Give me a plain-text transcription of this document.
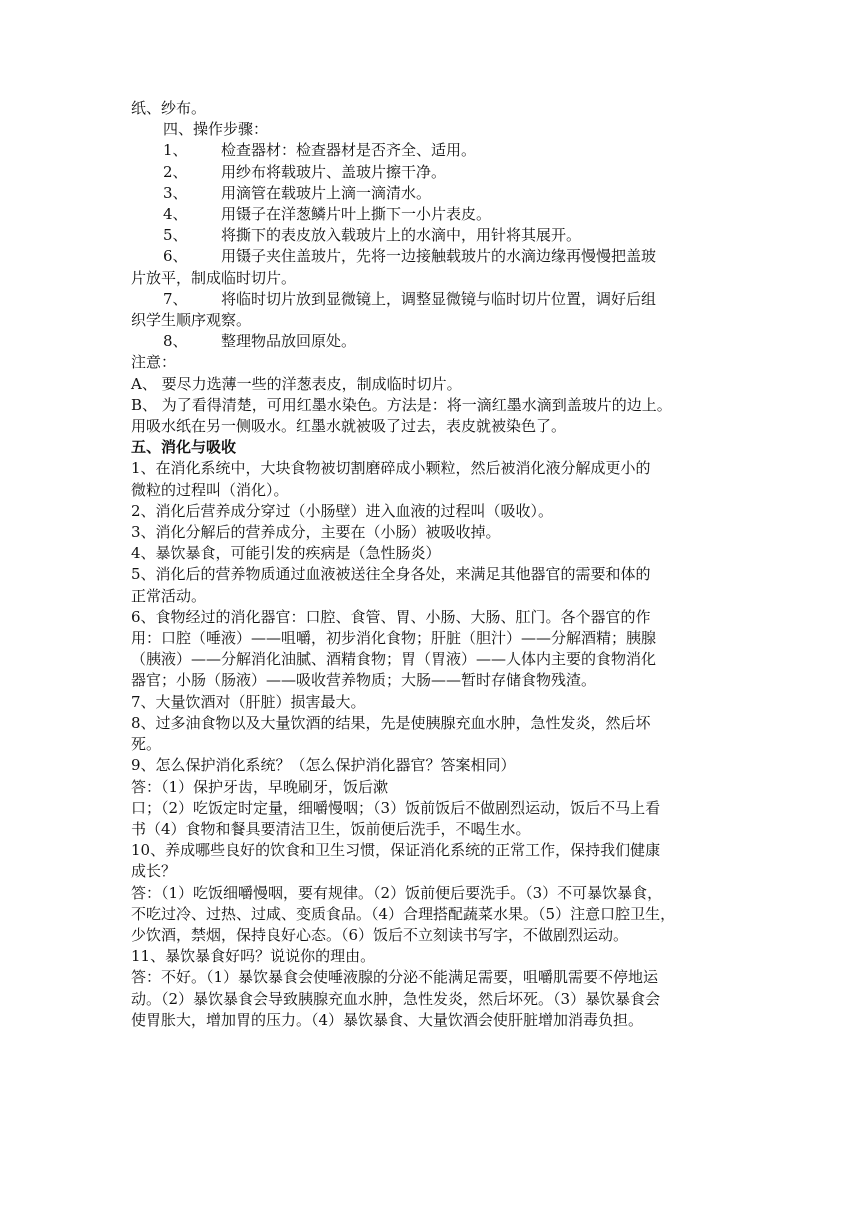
纸、纱布。
四、操作步骤：
1、 检查器材：检查器材是否齐全、适用。
2、 用纱布将载玻片、盖玻片擦干净。
3、 用滴管在载玻片上滴一滴清水。
4、 用镊子在洋葱鳞片叶上撕下一小片表皮。
5、 将撕下的表皮放入载玻片上的水滴中，用针将其展开。
6、 用镊子夹住盖玻片，先将一边接触载玻片的水滴边缘再慢慢把盖玻
片放平，制成临时切片。
7、 将临时切片放到显微镜上，调整显微镜与临时切片位置，调好后组
织学生顺序观察。
8、 整理物品放回原处。
注意：
A、 要尽力选薄一些的洋葱表皮，制成临时切片。
B、 为了看得清楚，可用红墨水染色。方法是：将一滴红墨水滴到盖玻片的边上。
用吸水纸在另一侧吸水。红墨水就被吸了过去，表皮就被染色了。
五、消化与吸收
1、在消化系统中，大块食物被切割磨碎成小颗粒，然后被消化液分解成更小的
微粒的过程叫（消化）。
2、消化后营养成分穿过（小肠壁）进入血液的过程叫（吸收）。
3、消化分解后的营养成分，主要在（小肠）被吸收掉。
4、暴饮暴食，可能引发的疾病是（急性肠炎）
5、消化后的营养物质通过血液被送往全身各处，来满足其他器官的需要和体的
正常活动。
6、食物经过的消化器官：口腔、食管、胃、小肠、大肠、肛门。各个器官的作
用：口腔（唾液）——咀嚼，初步消化食物；肝脏（胆汁）——分解酒精；胰腺
（胰液）——分解消化油腻、酒精食物；胃（胃液）——人体内主要的食物消化
器官；小肠（肠液）——吸收营养物质；大肠——暂时存储食物残渣。
7、大量饮酒对（肝脏）损害最大。
8、过多油食物以及大量饮酒的结果，先是使胰腺充血水肿，急性发炎，然后坏
死。
9、怎么保护消化系统？（怎么保护消化器官？答案相同）
答：（1）保护牙齿，早晚刷牙，饭后漱
口；（2）吃饭定时定量，细嚼慢咽；（3）饭前饭后不做剧烈运动，饭后不马上看
书（4）食物和餐具要清洁卫生，饭前便后洗手，不喝生水。
10、养成哪些良好的饮食和卫生习惯，保证消化系统的正常工作，保持我们健康
成长？
答：（1）吃饭细嚼慢咽，要有规律。（2）饭前便后要洗手。（3）不可暴饮暴食，
不吃过冷、过热、过咸、变质食品。（4）合理搭配蔬菜水果。（5）注意口腔卫生，
少饮酒，禁烟，保持良好心态。（6）饭后不立刻读书写字，不做剧烈运动。
11、暴饮暴食好吗？说说你的理由。
答：不好。（1）暴饮暴食会使唾液腺的分泌不能满足需要，咀嚼肌需要不停地运
动。（2）暴饮暴食会导致胰腺充血水肿，急性发炎，然后坏死。（3）暴饮暴食会
使胃胀大，增加胃的压力。（4）暴饮暴食、大量饮酒会使肝脏增加消毒负担。
